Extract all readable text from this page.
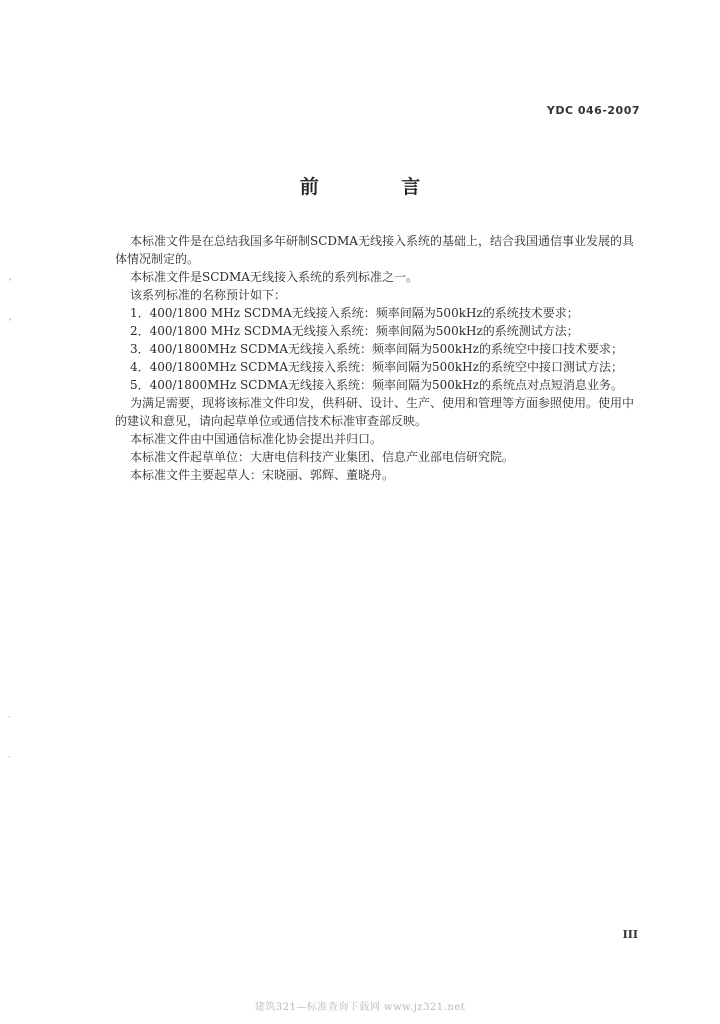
YDC 046-2007
前 言

本标准文件是在总结我国多年研制SCDMA无线接入系统的基础上，结合我国通信事业发展的具体情况制定的。

本标准文件是SCDMA无线接入系统的系列标准之一。

该系列标准的名称预计如下：

1．400/1800 MHz SCDMA无线接入系统：频率间隔为500kHz的系统技术要求；

2．400/1800 MHz SCDMA无线接入系统：频率间隔为500kHz的系统测试方法；

3．400/1800MHz SCDMA无线接入系统：频率间隔为500kHz的系统空中接口技术要求；

4．400/1800MHz SCDMA无线接入系统：频率间隔为500kHz的系统空中接口测试方法；

5．400/1800MHz SCDMA无线接入系统：频率间隔为500kHz的系统点对点短消息业务。

为满足需要，现将该标准文件印发，供科研、设计、生产、使用和管理等方面参照使用。使用中的建议和意见，请向起草单位或通信技术标准审查部反映。

本标准文件由中国通信标准化协会提出并归口。

本标准文件起草单位：大唐电信科技产业集团、信息产业部电信研究院。

本标准文件主要起草人：宋晓丽、郭辉、董晓舟。

III
建筑321—标准查询下载网 www.jz321.net
˄
˄
˗
˗
